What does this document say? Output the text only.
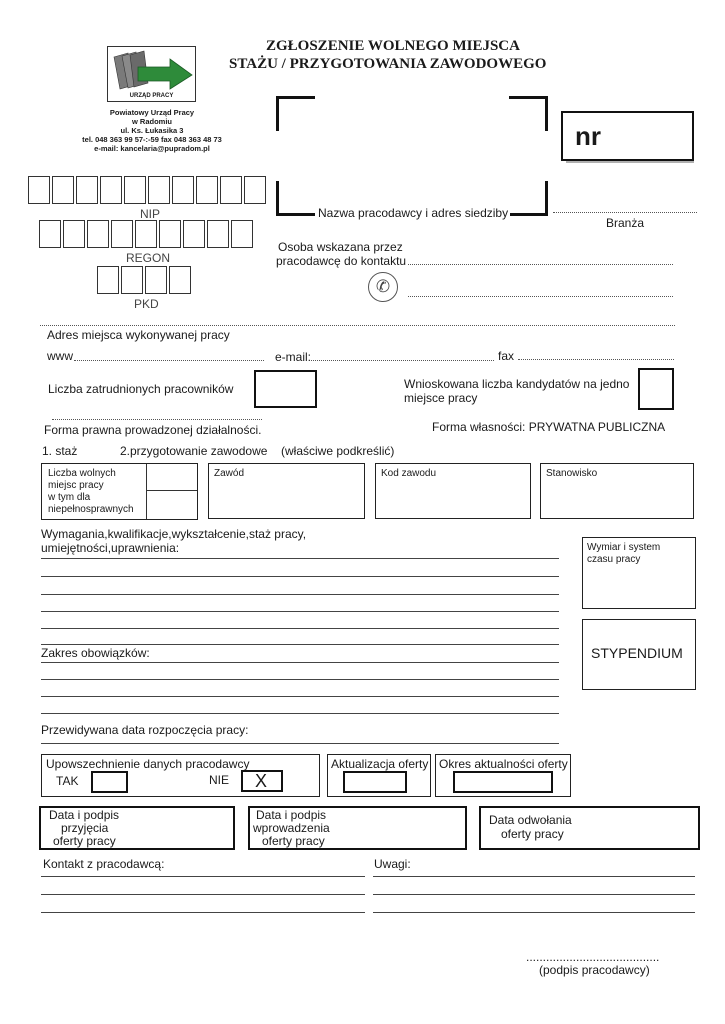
ZGŁOSZENIE WOLNEGO MIEJSCA
STAŻU / PRZYGOTOWANIA ZAWODOWEGO
URZĄD PRACY
Powiatowy Urząd Pracy
w Radomiu
ul. Ks. Łukasika 3
tel. 048 363 99 57-:-59 fax 048 363 48 73
e-mail: kancelaria@pupradom.pl	nr
Nazwa pracodawcy i adres siedziby
Branża
NIP
REGON
PKD
Osoba wskazana przez
pracodawcę do kontaktu
✆
Adres miejsca wykonywanej pracy
www	e-mail:	fax
Liczba zatrudnionych pracowników	Wnioskowana liczba kandydatów na jedno
miejsce pracy
Forma prawna prowadzonej działalności.	Forma własności: PRYWATNA PUBLICZNA
1. staż	2.przygotowanie zawodowe (właściwe podkreślić)
Liczba wolnych
miejsc pracy
w tym dla
niepełnosprawnych
Zawód	Kod zawodu	Stanowisko
Wymagania,kwalifikacje,wykształcenie,staż pracy,
umiejętności,uprawnienia:	Wymiar i system
czasu pracy
STYPENDIUM
Zakres obowiązków:
Przewidywana data rozpoczęcia pracy:
Upowszechnienie danych pracodawcy
TAK	NIE X
Aktualizacja oferty Okres aktualności oferty
Data i podpis
przyjęcia
oferty pracy
Data i podpis
wprowadzenia
oferty pracy
Data odwołania
oferty pracy
Kontakt z pracodawcą:	Uwagi:
........................................
(podpis pracodawcy)
